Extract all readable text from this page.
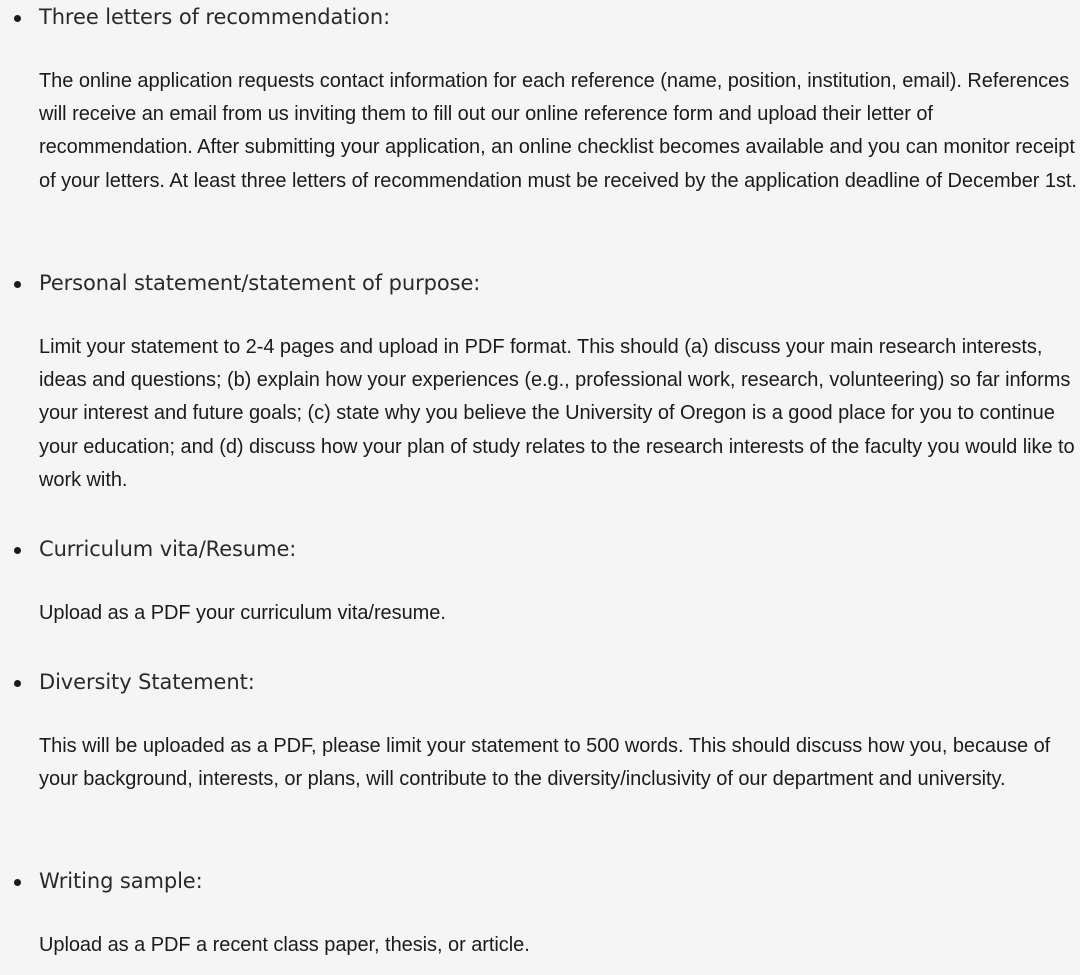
Three letters of recommendation:

The online application requests contact information for each reference (name, position, institution, email). References will receive an email from us inviting them to fill out our online reference form and upload their letter of recommendation. After submitting your application, an online checklist becomes available and you can monitor receipt of your letters. At least three letters of recommendation must be received by the application deadline of December 1st.

Personal statement/statement of purpose:

Limit your statement to 2-4 pages and upload in PDF format. This should (a) discuss your main research interests, ideas and questions; (b) explain how your experiences (e.g., professional work, research, volunteering) so far informs your interest and future goals; (c) state why you believe the University of Oregon is a good place for you to continue your education; and (d) discuss how your plan of study relates to the research interests of the faculty you would like to work with.

Curriculum vita/Resume:

Upload as a PDF your curriculum vita/resume.

Diversity Statement:

This will be uploaded as a PDF, please limit your statement to 500 words. This should discuss how you, because of your background, interests, or plans, will contribute to the diversity/inclusivity of our department and university.

Writing sample:

Upload as a PDF a recent class paper, thesis, or article.
